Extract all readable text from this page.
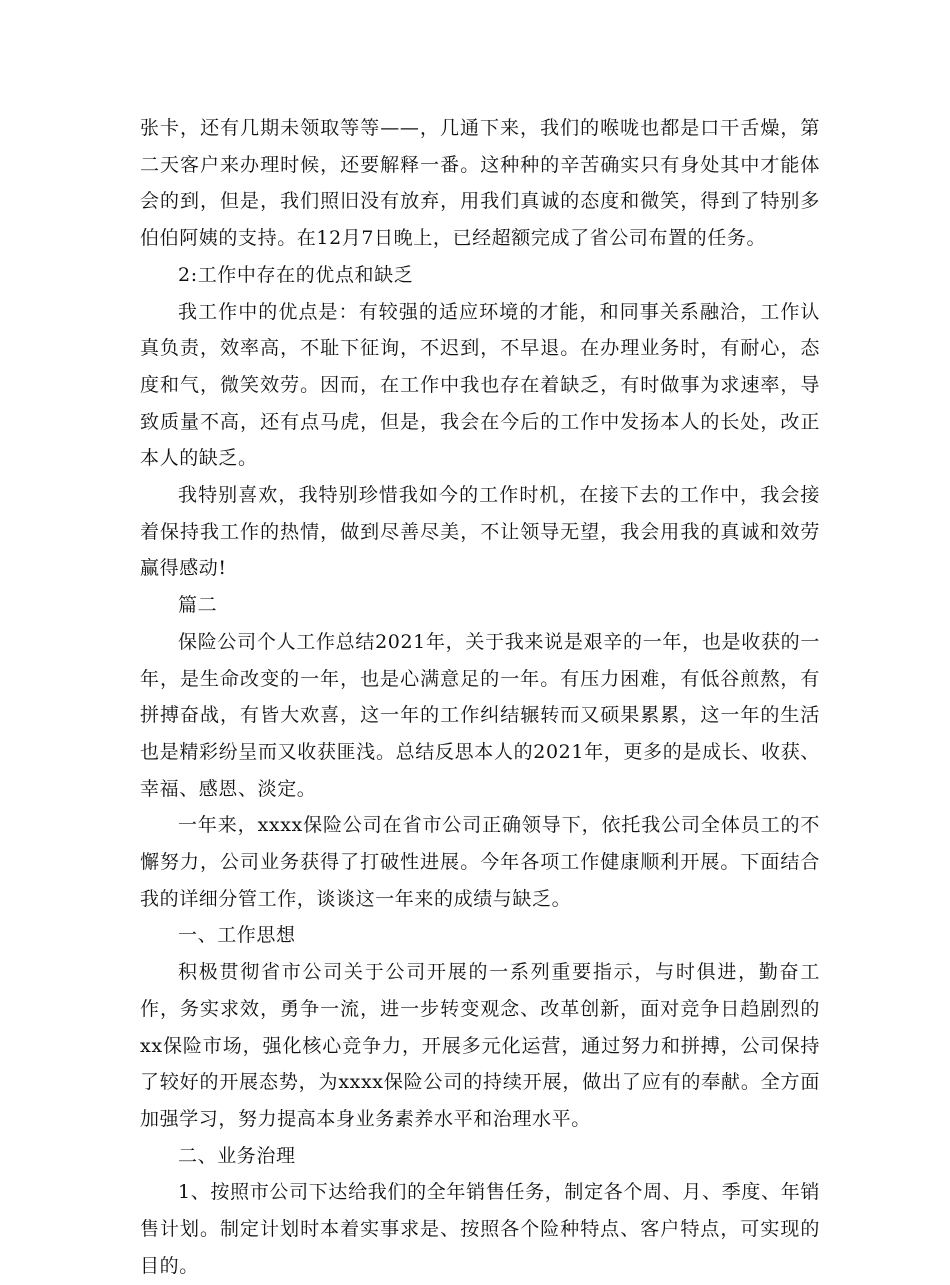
张卡，还有几期未领取等等——，几通下来，我们的喉咙也都是口干舌燥，第二天客户来办理时候，还要解释一番。这种种的辛苦确实只有身处其中才能体会的到，但是，我们照旧没有放弃，用我们真诚的态度和微笑，得到了特别多伯伯阿姨的支持。在12月7日晚上，已经超额完成了省公司布置的任务。

2:工作中存在的优点和缺乏

我工作中的优点是：有较强的适应环境的才能，和同事关系融洽，工作认真负责，效率高，不耻下征询，不迟到，不早退。在办理业务时，有耐心，态度和气，微笑效劳。因而，在工作中我也存在着缺乏，有时做事为求速率，导致质量不高，还有点马虎，但是，我会在今后的工作中发扬本人的长处，改正本人的缺乏。

我特别喜欢，我特别珍惜我如今的工作时机，在接下去的工作中，我会接着保持我工作的热情，做到尽善尽美，不让领导无望，我会用我的真诚和效劳赢得感动!

篇二

保险公司个人工作总结2021年，关于我来说是艰辛的一年，也是收获的一年，是生命改变的一年，也是心满意足的一年。有压力困难，有低谷煎熬，有拼搏奋战，有皆大欢喜，这一年的工作纠结辗转而又硕果累累，这一年的生活也是精彩纷呈而又收获匪浅。总结反思本人的2021年，更多的是成长、收获、幸福、感恩、淡定。

一年来，xxxx保险公司在省市公司正确领导下，依托我公司全体员工的不懈努力，公司业务获得了打破性进展。今年各项工作健康顺利开展。下面结合我的详细分管工作，谈谈这一年来的成绩与缺乏。

一、工作思想

积极贯彻省市公司关于公司开展的一系列重要指示，与时俱进，勤奋工作，务实求效，勇争一流，进一步转变观念、改革创新，面对竞争日趋剧烈的xx保险市场，强化核心竞争力，开展多元化运营，通过努力和拼搏，公司保持了较好的开展态势，为xxxx保险公司的持续开展，做出了应有的奉献。全方面加强学习，努力提高本身业务素养水平和治理水平。

二、业务治理

1、按照市公司下达给我们的全年销售任务，制定各个周、月、季度、年销售计划。制定计划时本着实事求是、按照各个险种特点、客户特点，可实现的目的。
